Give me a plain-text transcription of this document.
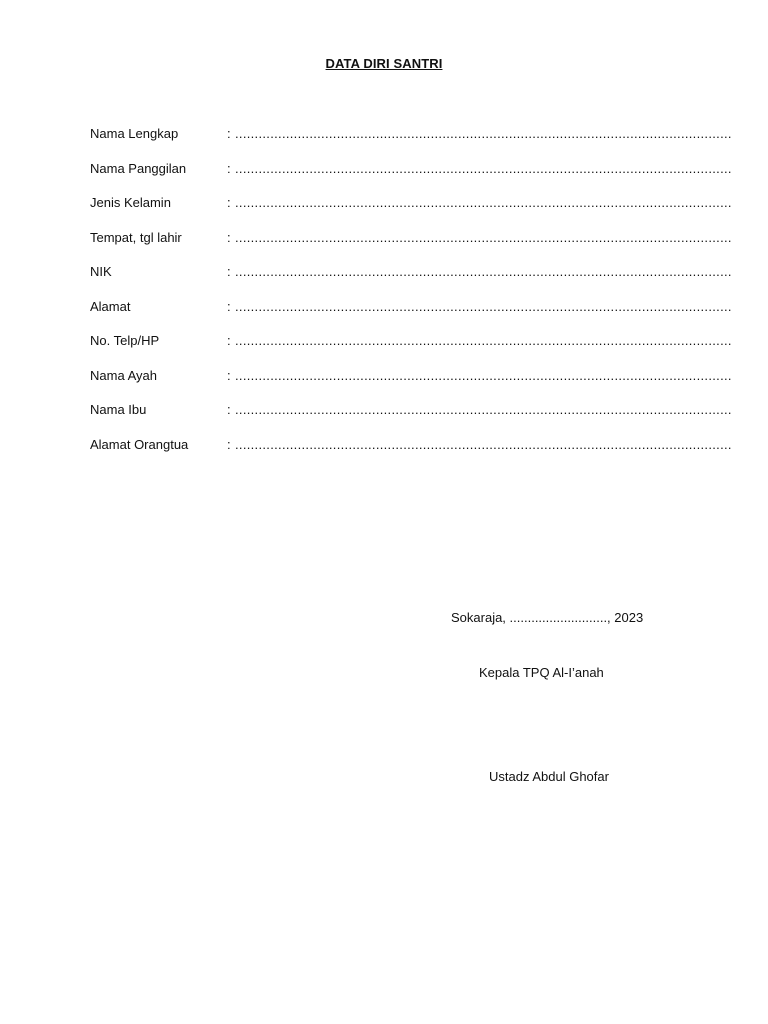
DATA DIRI SANTRI
Nama Lengkap	: ...............................................................................................................................
Nama Panggilan	: ...............................................................................................................................
Jenis Kelamin	: ...............................................................................................................................
Tempat, tgl lahir	: ...............................................................................................................................
NIK	: ...............................................................................................................................
Alamat	: ...............................................................................................................................
No. Telp/HP	: ...............................................................................................................................
Nama Ayah	: ...............................................................................................................................
Nama Ibu	: ...............................................................................................................................
Alamat Orangtua	: ...............................................................................................................................
Sokaraja, ..........................., 2023
Kepala TPQ Al-I’anah
Ustadz Abdul Ghofar
